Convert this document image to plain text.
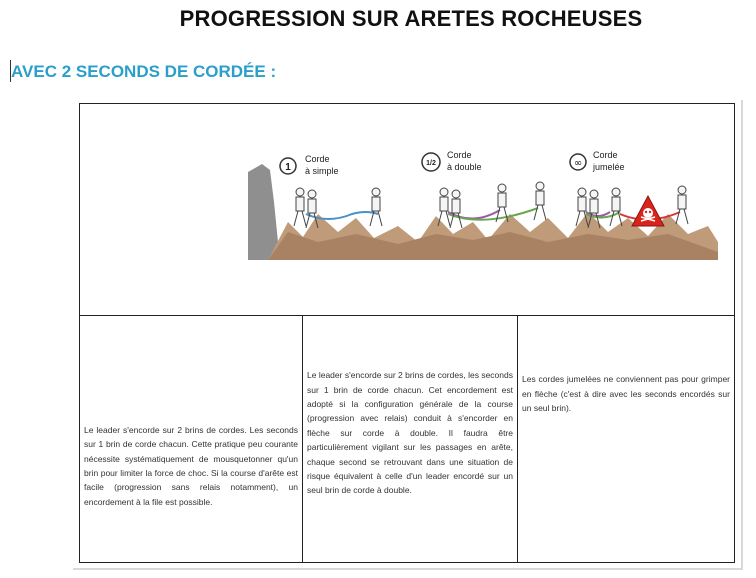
PROGRESSION SUR ARETES ROCHEUSES
AVEC 2 SECONDS DE CORDÉE :
1
Corde
à simple
1/2
Corde
à double	∞
Corde
jumelée

Le leader s'encorde sur 2 brins de cordes. Les seconds sur 1 brin de corde chacun. Cette pratique peu courante nécessite systématiquement de mousquetonner qu'un brin pour limiter la force de choc. Si la course d'arête est facile (progression sans relais notamment), un encordement à la file est possible.

Le leader s'encorde sur 2 brins de cordes, les seconds sur 1 brin de corde chacun. Cet encordement est adopté si la configuration générale de la course (progression avec relais) conduit à s'encorder en flèche sur corde à double. Il faudra être particulièrement vigilant sur les passages en arête, chaque second se retrouvant dans une situation de risque équivalent à celle d'un leader encordé sur un seul brin de corde à double.

Les cordes jumelées ne conviennent pas pour grimper en flèche (c'est à dire avec les seconds encordés sur un seul brin).
